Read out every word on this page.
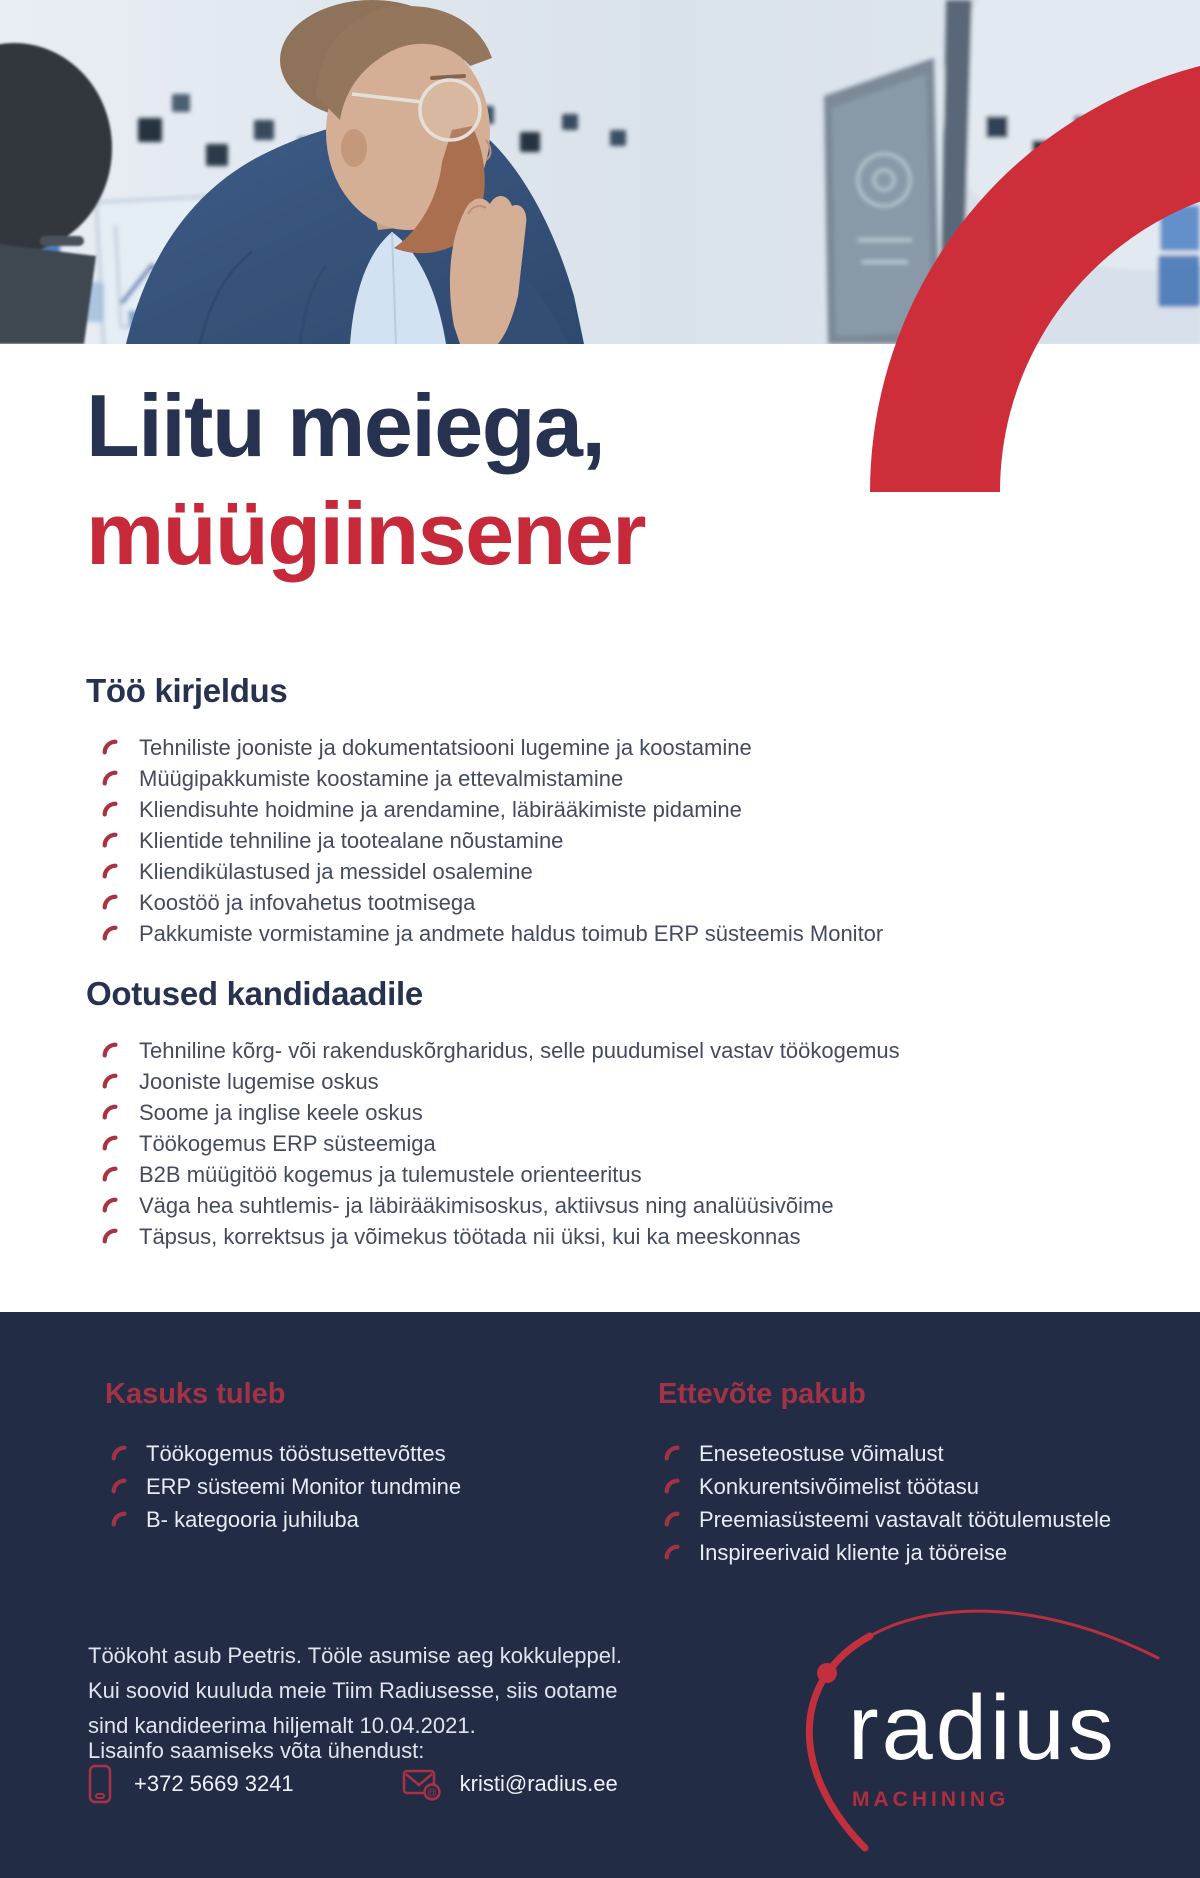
Liitu meiega,
müügiinsener
Töö kirjeldus
Tehniliste jooniste ja dokumentatsiooni lugemine ja koostamine
Müügipakkumiste koostamine ja ettevalmistamine
Kliendisuhte hoidmine ja arendamine, läbirääkimiste pidamine
Klientide tehniline ja tootealane nõustamine
Kliendikülastused ja messidel osalemine
Koostöö ja infovahetus tootmisega
Pakkumiste vormistamine ja andmete haldus toimub ERP süsteemis Monitor
Ootused kandidaadile
Tehniline kõrg- või rakenduskõrgharidus, selle puudumisel vastav töökogemus
Jooniste lugemise oskus
Soome ja inglise keele oskus
Töökogemus ERP süsteemiga
B2B müügitöö kogemus ja tulemustele orienteeritus
Väga hea suhtlemis- ja läbirääkimisoskus, aktiivsus ning analüüsivõime
Täpsus, korrektsus ja võimekus töötada nii üksi, kui ka meeskonnas
Kasuks tuleb
Töökogemus tööstusettevõttes
ERP süsteemi Monitor tundmine
B- kategooria juhiluba
Ettevõte pakub
Eneseteostuse võimalust
Konkurentsivõimelist töötasu
Preemiasüsteemi vastavalt töötulemustele
Inspireerivaid kliente ja tööreise
Töökoht asub Peetris. Tööle asumise aeg kokkuleppel.
Kui soovid kuuluda meie Tiim Radiusesse, siis ootame
sind kandideerima hiljemalt 10.04.2021.
Lisainfo saamiseks võta ühendust:
+372 5669 3241	@ kristi@radius.ee
radius
MACHINING
